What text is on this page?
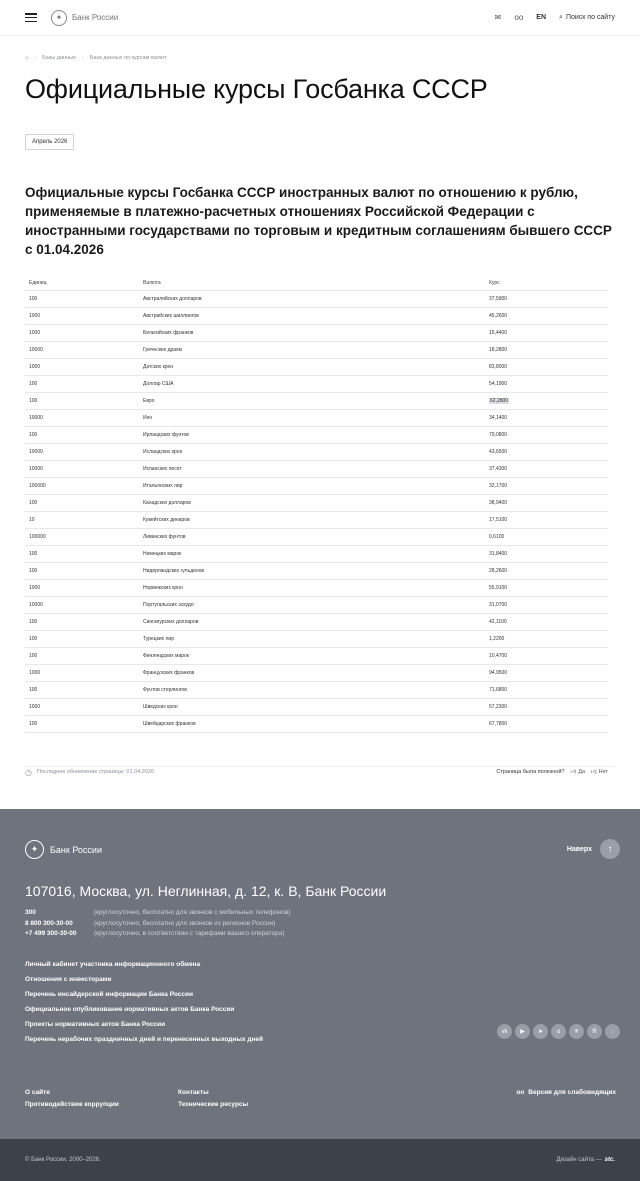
✦	Банк России	✉ oo EN ⌕ Поиск по сайту
⌂ › Базы данных › База данных по курсам валют
Официальные курсы Госбанка СССР
Апрель 2026
Официальные курсы Госбанка СССР иностранных валют по отношению к рублю, применяемые в платежно-расчетных отношениях Российской Федерации с иностранными государствами по торговым и кредитным соглашениям бывшего СССР с 01.04.2026
Единиц	Валюта	Курс
100	Австралийских долларов	37,5900
1000	Австрийских шиллингов	45,2600
1000	Бельгийских франков	15,4400
10000	Греческих драхм	18,2800
1000	Датских крон	83,8000
100	Доллар США	54,1900
100	Евро	62,2800
10000	Иен	34,1400
100	Ирландских фунтов	79,0800
10000	Исландских крон	43,6500
10000	Испанских песет	37,4300
100000	Итальянских лир	32,1700
100	Канадских долларов	38,9400
10	Кувейтских динаров	17,5100
100000	Ливанских фунтов	0,6100
100	Немецких марок	31,8400
100	Нидерландских гульденов	28,2600
1000	Норвежских крон	55,9100
10000	Португальских эскудо	31,0700
100	Сингапурских долларов	42,1100
100	Турецких лир	1,2200
100	Финляндских марок	10,4700
1000	Французских франков	94,9500
100	Фунтов стерлингов	71,6800
1000	Шведских крон	57,2300
100	Швейцарских франков	67,7800
◷ Последнее обновление страницы: 01.04.2026	Страница была полезной? 👍︎ Да 👎︎ Нет
✦	Банк России	Наверх	↑
107016, Москва, ул. Неглинная, д. 12, к. В, Банк России
300	(круглосуточно, бесплатно для звонков с мобильных телефонов)
8 800 300-30-00	(круглосуточно, бесплатно для звонков из регионов России)
+7 499 300-30-00	(круглосуточно, в соответствии с тарифами вашего оператора)
Личный кабинет участника информационного обмена
Отношения с инвесторами
Перечень инсайдерской информации Банка России
Официальное опубликование нормативных актов Банка России
Проекты нормативных актов Банка России
Перечень нерабочих праздничных дней и перенесенных выходных дней
vk	▶	➤	о	✳	R	◌
О сайте	Контакты
Противодействие коррупции	Технические ресурсы
oo Версия для слабовидящих
© Банк России, 2000–2026.	Дизайн сайта — stc.
